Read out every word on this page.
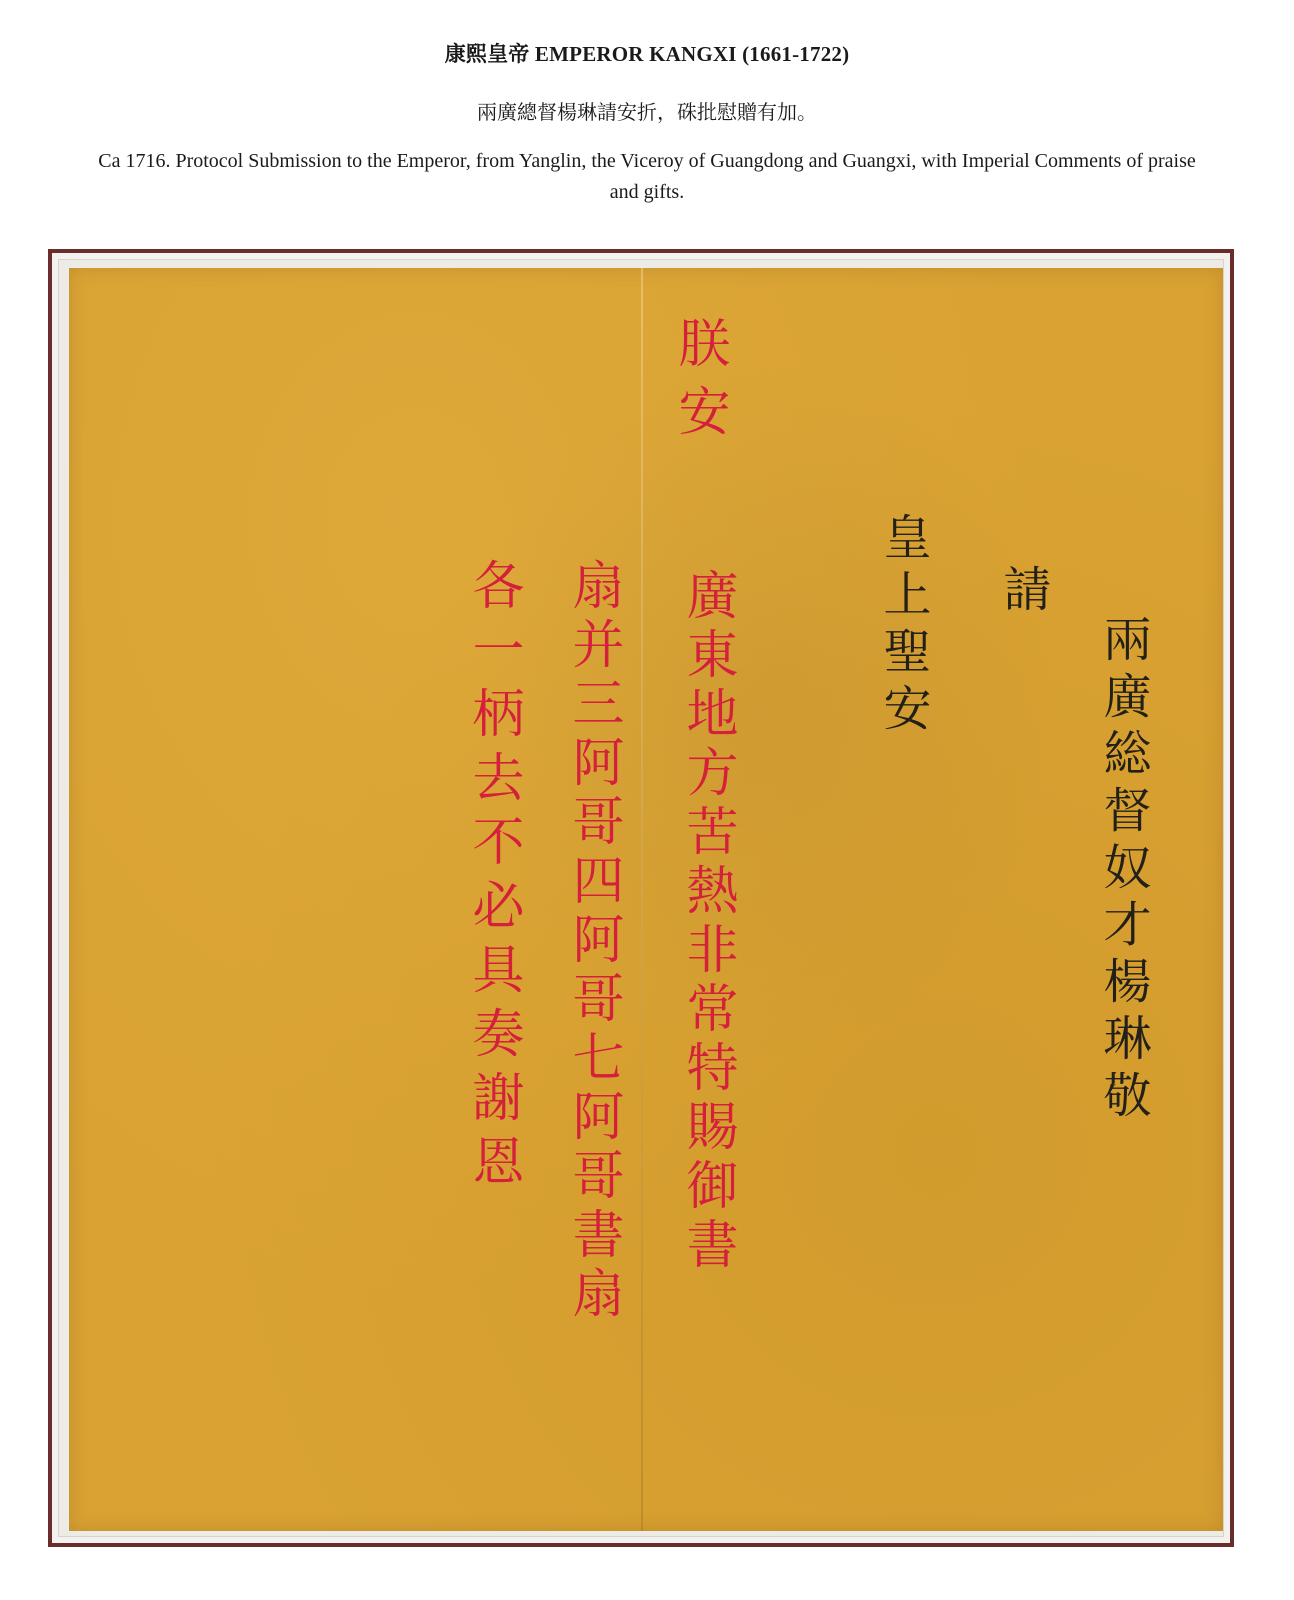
康熙皇帝 EMPEROR KANGXI (1661-1722)
兩廣總督楊琳請安折，硃批慰贈有加。
Ca 1716. Protocol Submission to the Emperor, from Yanglin, the Viceroy of Guangdong and Guangxi, with Imperial Comments of praise and gifts.
兩廣総督奴才楊琳敬
請
皇上聖安
朕安
廣東地方苦熱非常特賜御書
扇并三阿哥四阿哥七阿哥書扇
各一柄去不必具奏謝恩
